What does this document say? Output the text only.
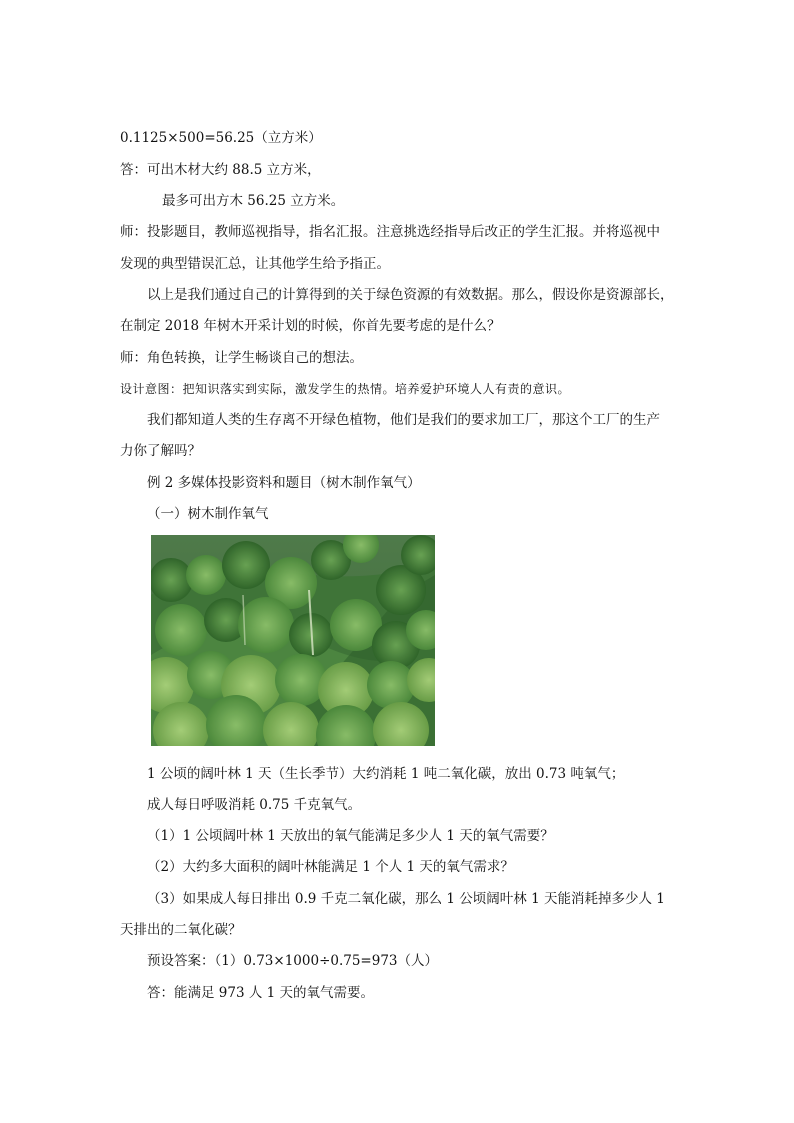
0.1125×500=56.25（立方米）
答：可出木材大约 88.5 立方米，
最多可出方木 56.25 立方米。
师：投影题目，教师巡视指导，指名汇报。注意挑选经指导后改正的学生汇报。并将巡视中
发现的典型错误汇总，让其他学生给予指正。
以上是我们通过自己的计算得到的关于绿色资源的有效数据。那么，假设你是资源部长，
在制定 2018 年树木开采计划的时候，你首先要考虑的是什么？
师：角色转换，让学生畅谈自己的想法。
设计意图：把知识落实到实际，激发学生的热情。培养爱护环境人人有责的意识。
我们都知道人类的生存离不开绿色植物，他们是我们的要求加工厂，那这个工厂的生产
力你了解吗？
例 2 多媒体投影资料和题目（树木制作氧气）
（一）树木制作氧气
1 公顷的阔叶林 1 天（生长季节）大约消耗 1 吨二氧化碳，放出 0.73 吨氧气；
成人每日呼吸消耗 0.75 千克氧气。
（1）1 公顷阔叶林 1 天放出的氧气能满足多少人 1 天的氧气需要？
（2）大约多大面积的阔叶林能满足 1 个人 1 天的氧气需求？
（3）如果成人每日排出 0.9 千克二氧化碳，那么 1 公顷阔叶林 1 天能消耗掉多少人 1
天排出的二氧化碳？
预设答案：（1）0.73×1000÷0.75=973（人）
答：能满足 973 人 1 天的氧气需要。
